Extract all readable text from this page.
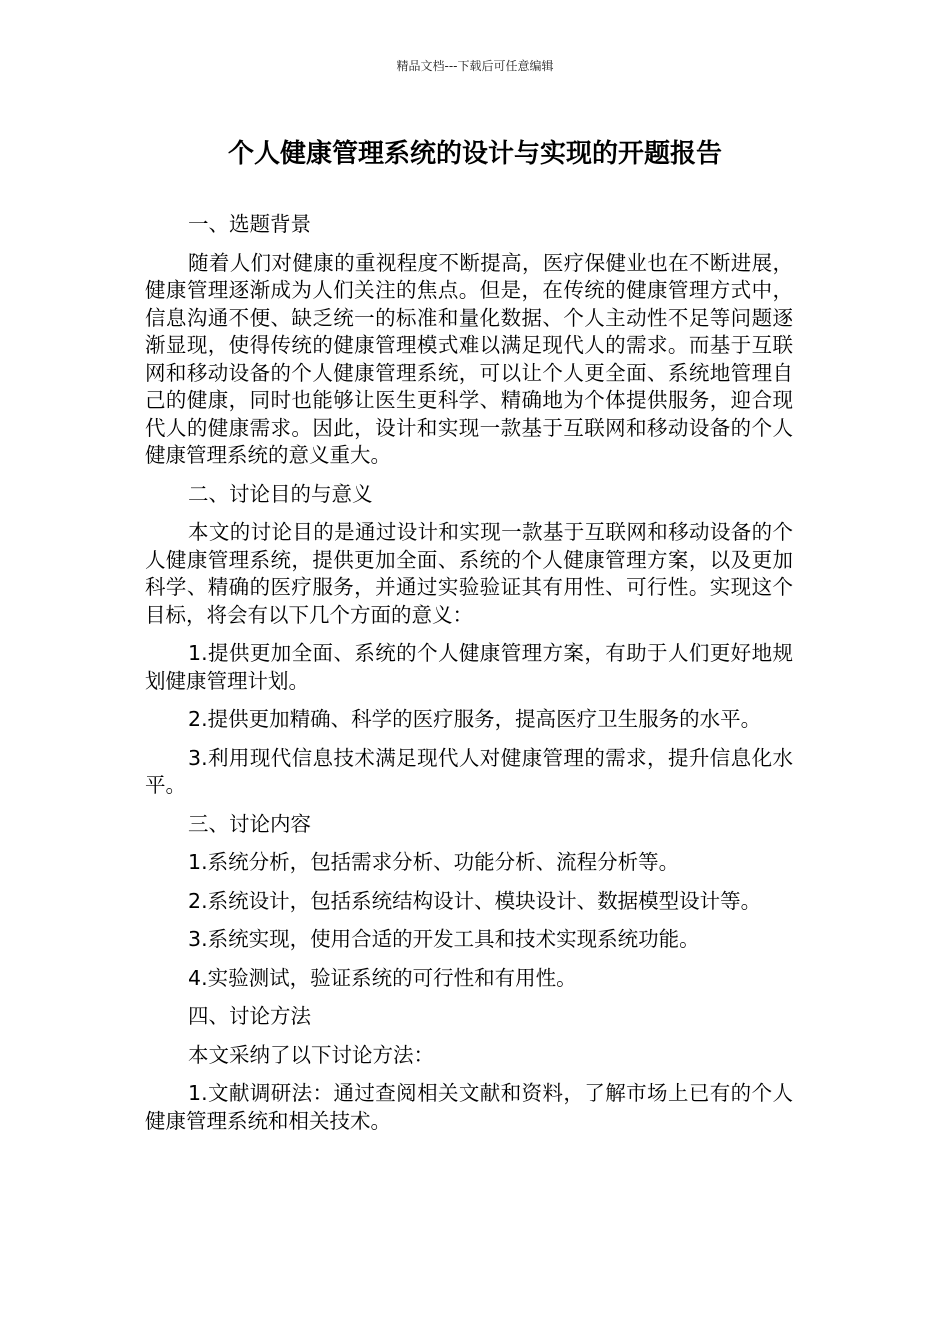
精品文档---下载后可任意编辑
个人健康管理系统的设计与实现的开题报告

一、选题背景

随着人们对健康的重视程度不断提高，医疗保健业也在不断进展，健康管理逐渐成为人们关注的焦点。但是，在传统的健康管理方式中，信息沟通不便、缺乏统一的标准和量化数据、个人主动性不足等问题逐渐显现，使得传统的健康管理模式难以满足现代人的需求。而基于互联网和移动设备的个人健康管理系统，可以让个人更全面、系统地管理自己的健康，同时也能够让医生更科学、精确地为个体提供服务，迎合现代人的健康需求。因此，设计和实现一款基于互联网和移动设备的个人健康管理系统的意义重大。

二、讨论目的与意义

本文的讨论目的是通过设计和实现一款基于互联网和移动设备的个人健康管理系统，提供更加全面、系统的个人健康管理方案，以及更加科学、精确的医疗服务，并通过实验验证其有用性、可行性。实现这个目标，将会有以下几个方面的意义：

1.提供更加全面、系统的个人健康管理方案，有助于人们更好地规划健康管理计划。

2.提供更加精确、科学的医疗服务，提高医疗卫生服务的水平。

3.利用现代信息技术满足现代人对健康管理的需求，提升信息化水平。

三、讨论内容

1.系统分析，包括需求分析、功能分析、流程分析等。

2.系统设计，包括系统结构设计、模块设计、数据模型设计等。

3.系统实现，使用合适的开发工具和技术实现系统功能。

4.实验测试，验证系统的可行性和有用性。

四、讨论方法

本文采纳了以下讨论方法：

1.文献调研法：通过查阅相关文献和资料，了解市场上已有的个人健康管理系统和相关技术。
